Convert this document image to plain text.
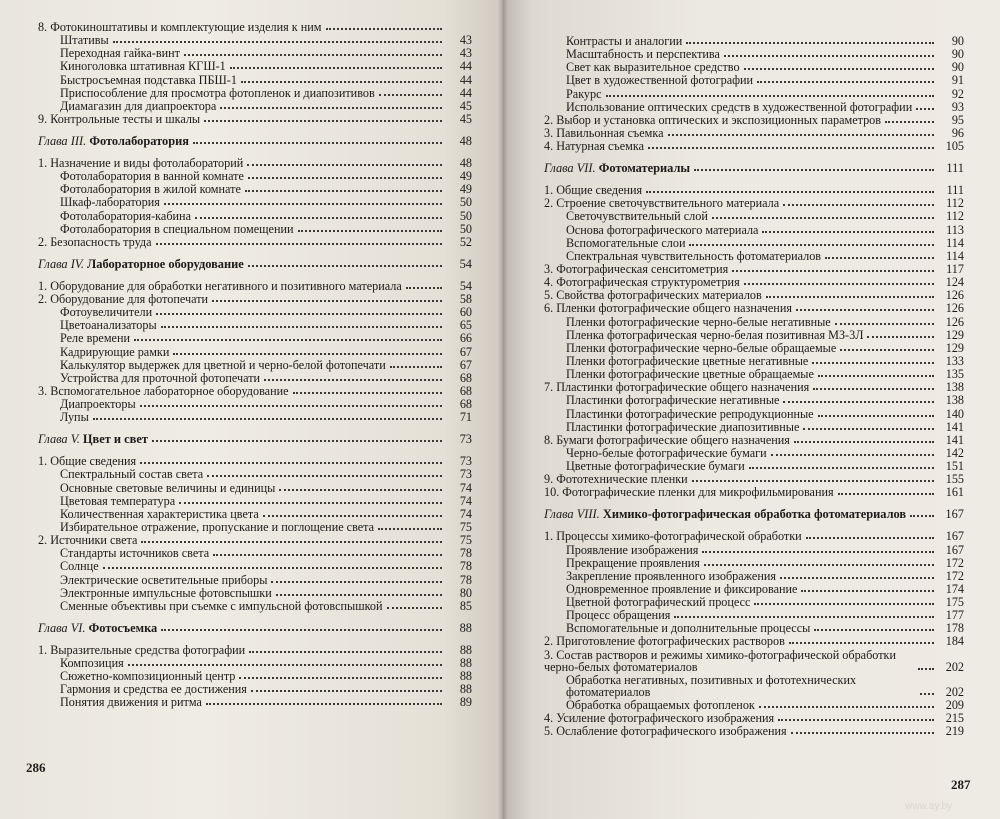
8. Фотокиноштативы и комплектующие изделия к ним
Штативы	43
Переходная гайка-винт	43
Киноголовка штативная КГШ-1	44
Быстросъемная подставка ПБШ-1	44
Приспособление для просмотра фотопленок и диапозитивов	44
Диамагазин для диапроектора	45
9. Контрольные тесты и шкалы	45
Глава III. Фотолаборатория	48
1. Назначение и виды фотолабораторий	48
Фотолаборатория в ванной комнате	49
Фотолаборатория в жилой комнате	49
Шкаф-лаборатория	50
Фотолаборатория-кабина	50
Фотолаборатория в специальном помещении	50
2. Безопасность труда	52
Глава IV. Лабораторное оборудование	54
1. Оборудование для обработки негативного и позитивного материала	54
2. Оборудование для фотопечати	58
Фотоувеличители	60
Цветоанализаторы	65
Реле времени	66
Кадрирующие рамки	67
Калькулятор выдержек для цветной и черно-белой фотопечати	67
Устройства для проточной фотопечати	68
3. Вспомогательное лабораторное оборудование	68
Диапроекторы	68
Лупы	71
Глава V. Цвет и свет	73
1. Общие сведения	73
Спектральный состав света	73
Основные световые величины и единицы	74
Цветовая температура	74
Количественная характеристика цвета	74
Избирательное отражение, пропускание и поглощение света	75
2. Источники света	75
Стандарты источников света	78
Солнце	78
Электрические осветительные приборы	78
Электронные импульсные фотовспышки	80
Сменные объективы при съемке с импульсной фотовспышкой	85
Глава VI. Фотосъемка	88
1. Выразительные средства фотографии	88
Композиция	88
Сюжетно-композиционный центр	88
Гармония и средства ее достижения	88
Понятия движения и ритма	89
286
Контрасты и аналогии	90
Масштабность и перспектива	90
Свет как выразительное средство	90
Цвет в художественной фотографии	91
Ракурс	92
Использование оптических средств в художественной фотографии	93
2. Выбор и установка оптических и экспозиционных параметров	95
3. Павильонная съемка	96
4. Натурная съемка	105
Глава VII. Фотоматериалы	111
1. Общие сведения	111
2. Строение светочувствительного материала	112
Светочувствительный слой	112
Основа фотографического материала	113
Вспомогательные слои	114
Спектральная чувствительность фотоматериалов	114
3. Фотографическая сенситометрия	117
4. Фотографическая структурометрия	124
5. Свойства фотографических материалов	126
6. Пленки фотографические общего назначения	126
Пленки фотографические черно-белые негативные	126
Пленка фотографическая черно-белая позитивная МЗ-3Л	129
Пленки фотографические черно-белые обращаемые	129
Пленки фотографические цветные негативные	133
Пленки фотографические цветные обращаемые	135
7. Пластинки фотографические общего назначения	138
Пластинки фотографические негативные	138
Пластинки фотографические репродукционные	140
Пластинки фотографические диапозитивные	141
8. Бумаги фотографические общего назначения	141
Черно-белые фотографические бумаги	142
Цветные фотографические бумаги	151
9. Фототехнические пленки	155
10. Фотографические пленки для микрофильмирования	161
Глава VIII. Химико-фотографическая обработка фотоматериалов	167
1. Процессы химико-фотографической обработки	167
Проявление изображения	167
Прекращение проявления	172
Закрепление проявленного изображения	172
Одновременное проявление и фиксирование	174
Цветной фотографический процесс	175
Процесс обращения	177
Вспомогательные и дополнительные процессы	178
2. Приготовление фотографических растворов	184
3. Состав растворов и режимы химико-фотографической обработки черно-белых фотоматериалов	202
Обработка негативных, позитивных и фототехнических фотоматериалов	202
Обработка обращаемых фотопленок	209
4. Усиление фотографического изображения	215
5. Ослабление фотографического изображения	219
287
www.ay.by
